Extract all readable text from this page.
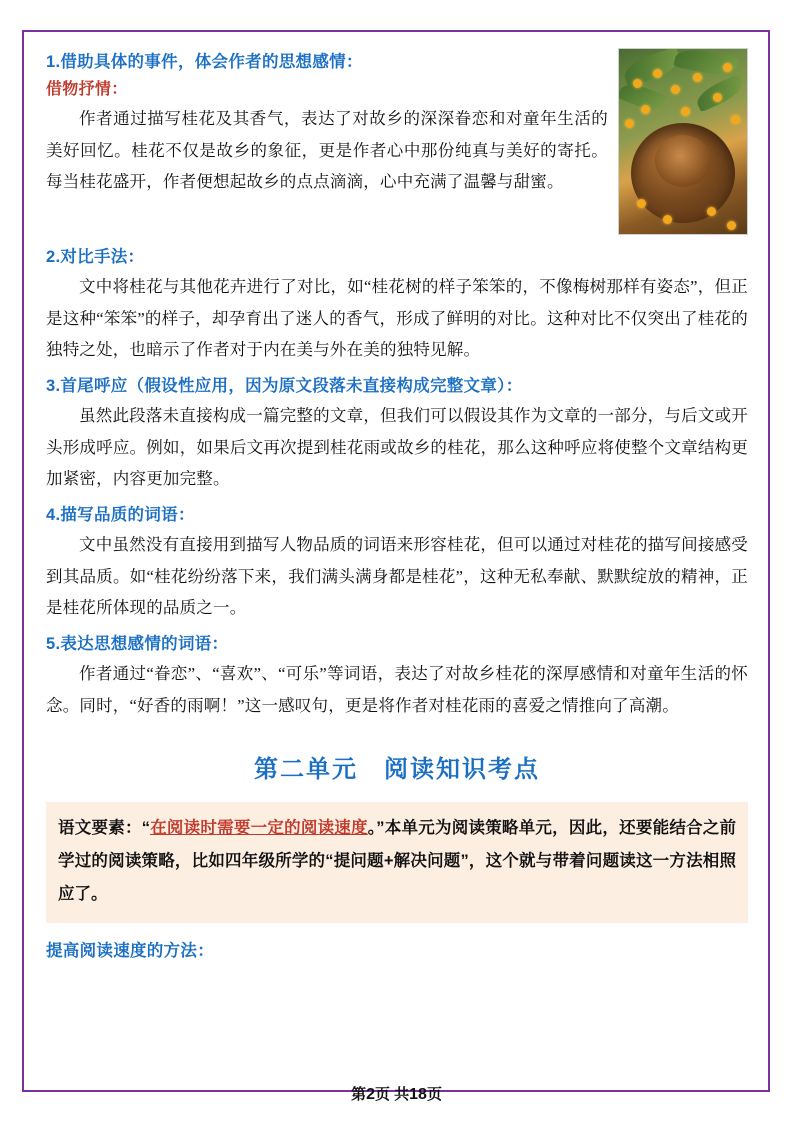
1.借助具体的事件，体会作者的思想感情：
借物抒情：

作者通过描写桂花及其香气，表达了对故乡的深深眷恋和对童年生活的美好回忆。桂花不仅是故乡的象征，更是作者心中那份纯真与美好的寄托。每当桂花盛开，作者便想起故乡的点点滴滴，心中充满了温馨与甜蜜。

2.对比手法：

文中将桂花与其他花卉进行了对比，如“桂花树的样子笨笨的，不像梅树那样有姿态”，但正是这种“笨笨”的样子，却孕育出了迷人的香气，形成了鲜明的对比。这种对比不仅突出了桂花的独特之处，也暗示了作者对于内在美与外在美的独特见解。

3.首尾呼应（假设性应用，因为原文段落未直接构成完整文章）：

虽然此段落未直接构成一篇完整的文章，但我们可以假设其作为文章的一部分，与后文或开头形成呼应。例如，如果后文再次提到桂花雨或故乡的桂花，那么这种呼应将使整个文章结构更加紧密，内容更加完整。

4.描写品质的词语：

文中虽然没有直接用到描写人物品质的词语来形容桂花，但可以通过对桂花的描写间接感受到其品质。如“桂花纷纷落下来，我们满头满身都是桂花”，这种无私奉献、默默绽放的精神，正是桂花所体现的品质之一。

5.表达思想感情的词语：

作者通过“眷恋”、“喜欢”、“可乐”等词语，表达了对故乡桂花的深厚感情和对童年生活的怀念。同时，“好香的雨啊！”这一感叹句，更是将作者对桂花雨的喜爱之情推向了高潮。

第二单元　阅读知识考点
语文要素：“在阅读时需要一定的阅读速度。”本单元为阅读策略单元，因此，还要能结合之前学过的阅读策略，比如四年级所学的“提问题+解决问题”，这个就与带着问题读这一方法相照应了。
提高阅读速度的方法：
第2页 共18页
